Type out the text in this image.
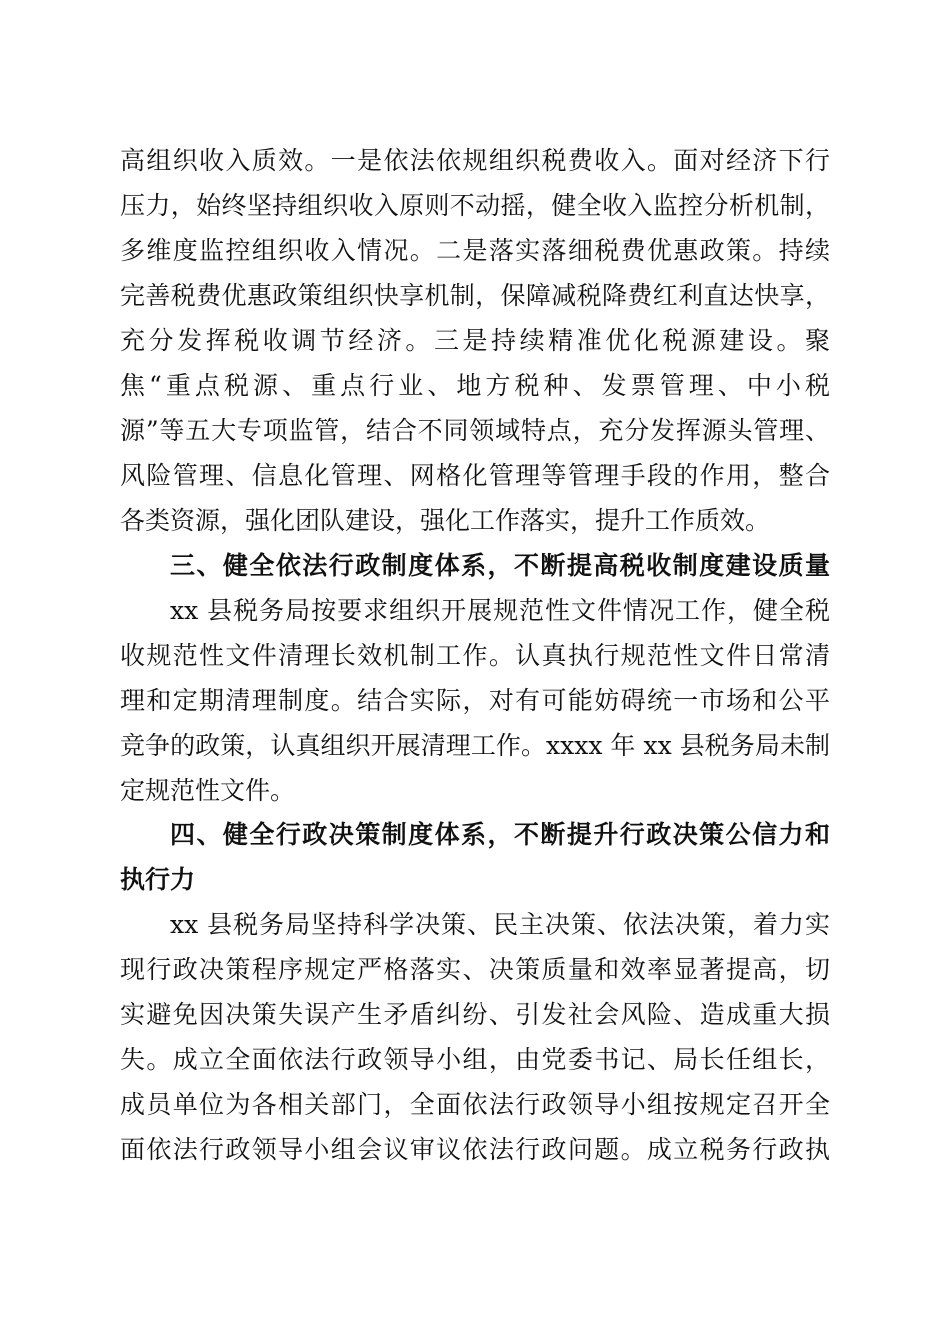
高组织收入质效。一是依法依规组织税费收入。面对经济下行
压力，始终坚持组织收入原则不动摇，健全收入监控分析机制，
多维度监控组织收入情况。二是落实落细税费优惠政策。持续
完善税费优惠政策组织快享机制，保障减税降费红利直达快享，
充分发挥税收调节经济。三是持续精准优化税源建设。聚
焦“重点税源、重点行业、地方税种、发票管理、中小税
源”等五大专项监管，结合不同领域特点，充分发挥源头管理、
风险管理、信息化管理、网格化管理等管理手段的作用，整合
各类资源，强化团队建设，强化工作落实，提升工作质效。
三、健全依法行政制度体系，不断提高税收制度建设质量
xx 县税务局按要求组织开展规范性文件情况工作，健全税
收规范性文件清理长效机制工作。认真执行规范性文件日常清
理和定期清理制度。结合实际，对有可能妨碍统一市场和公平
竞争的政策，认真组织开展清理工作。xxxx 年 xx 县税务局未制
定规范性文件。
四、健全行政决策制度体系，不断提升行政决策公信力和
执行力
xx 县税务局坚持科学决策、民主决策、依法决策，着力实
现行政决策程序规定严格落实、决策质量和效率显著提高，切
实避免因决策失误产生矛盾纠纷、引发社会风险、造成重大损
失。成立全面依法行政领导小组，由党委书记、局长任组长，
成员单位为各相关部门，全面依法行政领导小组按规定召开全
面依法行政领导小组会议审议依法行政问题。成立税务行政执
